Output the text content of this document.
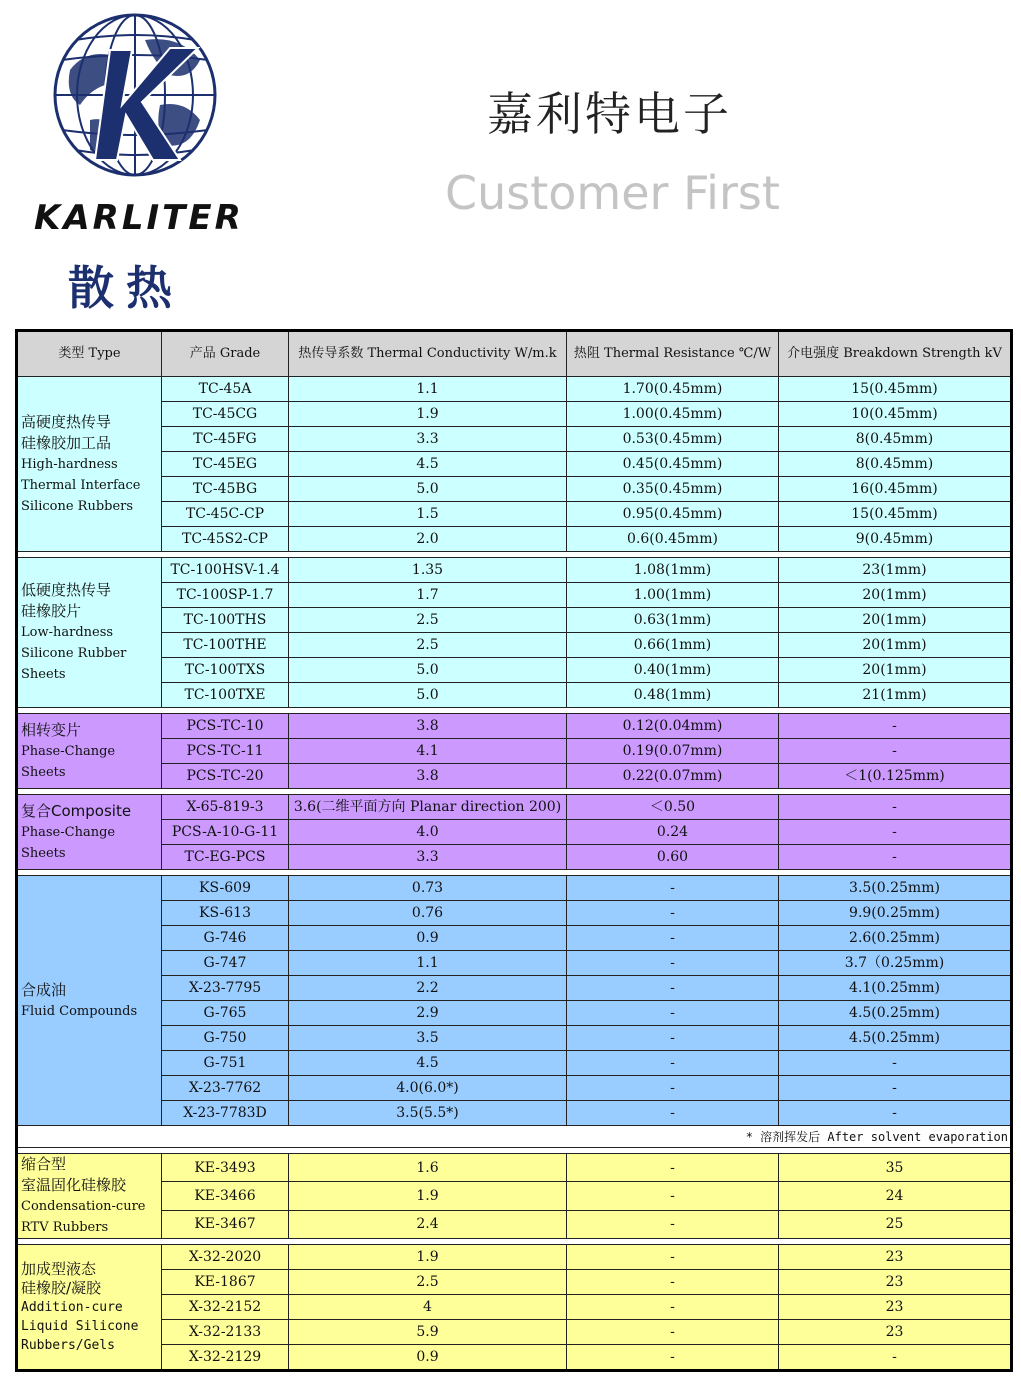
KARLITER
散热
嘉利特电子
Customer First
类型 Type	产品 Grade	热传导系数 Thermal Conductivity W/m.k	热阻 Thermal Resistance ℃/W	介电强度 Breakdown Strength kV

高硬度热传导
硅橡胶加工品
High-hardness
Thermal Interface
Silicone Rubbers	TC-45A	1.1	1.70(0.45mm)	15(0.45mm)
	TC-45CG	1.9	1.00(0.45mm)	10(0.45mm)
	TC-45FG	3.3	0.53(0.45mm)	8(0.45mm)
	TC-45EG	4.5	0.45(0.45mm)	8(0.45mm)
	TC-45BG	5.0	0.35(0.45mm)	16(0.45mm)
	TC-45C-CP	1.5	0.95(0.45mm)	15(0.45mm)
	TC-45S2-CP	2.0	0.6(0.45mm)	9(0.45mm)

低硬度热传导
硅橡胶片
Low-hardness
Silicone Rubber
Sheets	TC-100HSV-1.4	1.35	1.08(1mm)	23(1mm)
	TC-100SP-1.7	1.7	1.00(1mm)	20(1mm)
	TC-100THS	2.5	0.63(1mm)	20(1mm)
	TC-100THE	2.5	0.66(1mm)	20(1mm)
	TC-100TXS	5.0	0.40(1mm)	20(1mm)
	TC-100TXE	5.0	0.48(1mm)	21(1mm)

相转变片
Phase-Change Sheets	PCS-TC-10	3.8	0.12(0.04mm)	-
	PCS-TC-11	4.1	0.19(0.07mm)	-
	PCS-TC-20	3.8	0.22(0.07mm)	＜1(0.125mm)

复合Composite
Phase-Change Sheets	X-65-819-3	3.6(二维平面方向 Planar direction 200)	＜0.50	-
	PCS-A-10-G-11	4.0	0.24	-
	TC-EG-PCS	3.3	0.60	-

合成油
Fluid Compounds	KS-609	0.73	-	3.5(0.25mm)
	KS-613	0.76	-	9.9(0.25mm)
	G-746	0.9	-	2.6(0.25mm)
	G-747	1.1	-	3.7（0.25mm)
	X-23-7795	2.2	-	4.1(0.25mm)
	G-765	2.9	-	4.5(0.25mm)
	G-750	3.5	-	4.5(0.25mm)
	G-751	4.5	-	-
	X-23-7762	4.0(6.0*)	-	-
	X-23-7783D	3.5(5.5*)	-	-
* 溶剂挥发后 After solvent evaporation				

缩合型
室温固化硅橡胶
Condensation-cure
RTV Rubbers	KE-3493	1.6	-	35
	KE-3466	1.9	-	24
	KE-3467	2.4	-	25

加成型液态
硅橡胶/凝胶
Addition-cure
Liquid Silicone
Rubbers/Gels	X-32-2020	1.9	-	23
	KE-1867	2.5	-	23
	X-32-2152	4	-	23
	X-32-2133	5.9	-	23
	X-32-2129	0.9	-	-
